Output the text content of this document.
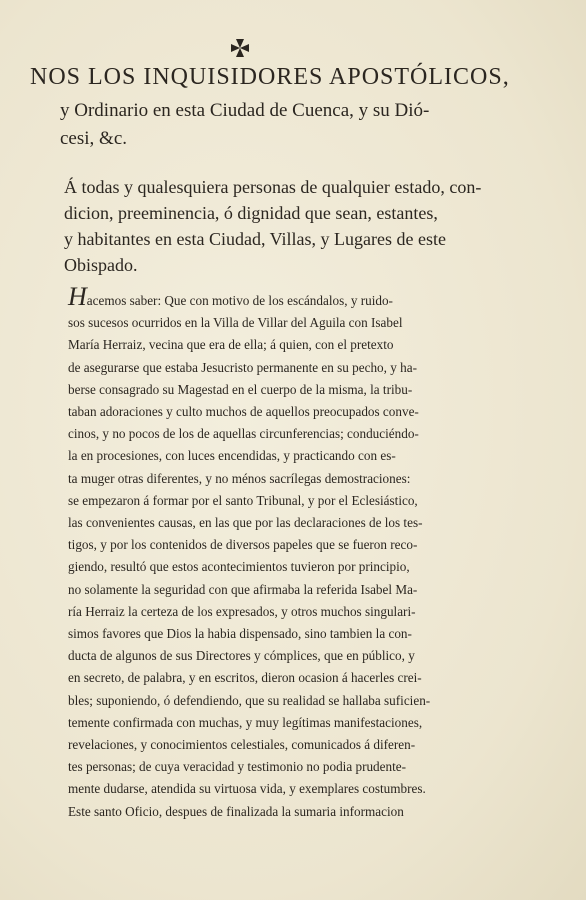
NOS LOS INQUISIDORES APOSTÓLICOS,
y Ordinario en esta Ciudad de Cuenca, y su Dió-
cesi, &c.
Á todas y qualesquiera personas de qualquier estado, con-
dicion, preeminencia, ó dignidad que sean, estantes,
y habitantes en esta Ciudad, Villas, y Lugares de este
Obispado.
Hacemos saber: Que con motivo de los escándalos, y ruido-
sos sucesos ocurridos en la Villa de Villar del Aguila con Isabel
María Herraiz, vecina que era de ella; á quien, con el pretexto
de asegurarse que estaba Jesucristo permanente en su pecho, y ha-
berse consagrado su Magestad en el cuerpo de la misma, la tribu-
taban adoraciones y culto muchos de aquellos preocupados conve-
cinos, y no pocos de los de aquellas circunferencias; conduciéndo-
la en procesiones, con luces encendidas, y practicando con es-
ta muger otras diferentes, y no ménos sacrílegas demostraciones:
se empezaron á formar por el santo Tribunal, y por el Eclesiástico,
las convenientes causas, en las que por las declaraciones de los tes-
tigos, y por los contenidos de diversos papeles que se fueron reco-
giendo, resultó que estos acontecimientos tuvieron por principio,
no solamente la seguridad con que afirmaba la referida Isabel Ma-
ría Herraiz la certeza de los expresados, y otros muchos singulari-
simos favores que Dios la habia dispensado, sino tambien la con-
ducta de algunos de sus Directores y cómplices, que en público, y
en secreto, de palabra, y en escritos, dieron ocasion á hacerles crei-
bles; suponiendo, ó defendiendo, que su realidad se hallaba suficien-
temente confirmada con muchas, y muy legítimas manifestaciones,
revelaciones, y conocimientos celestiales, comunicados á diferen-
tes personas; de cuya veracidad y testimonio no podia prudente-
mente dudarse, atendida su virtuosa vida, y exemplares costumbres.
Este santo Oficio, despues de finalizada la sumaria informacion
